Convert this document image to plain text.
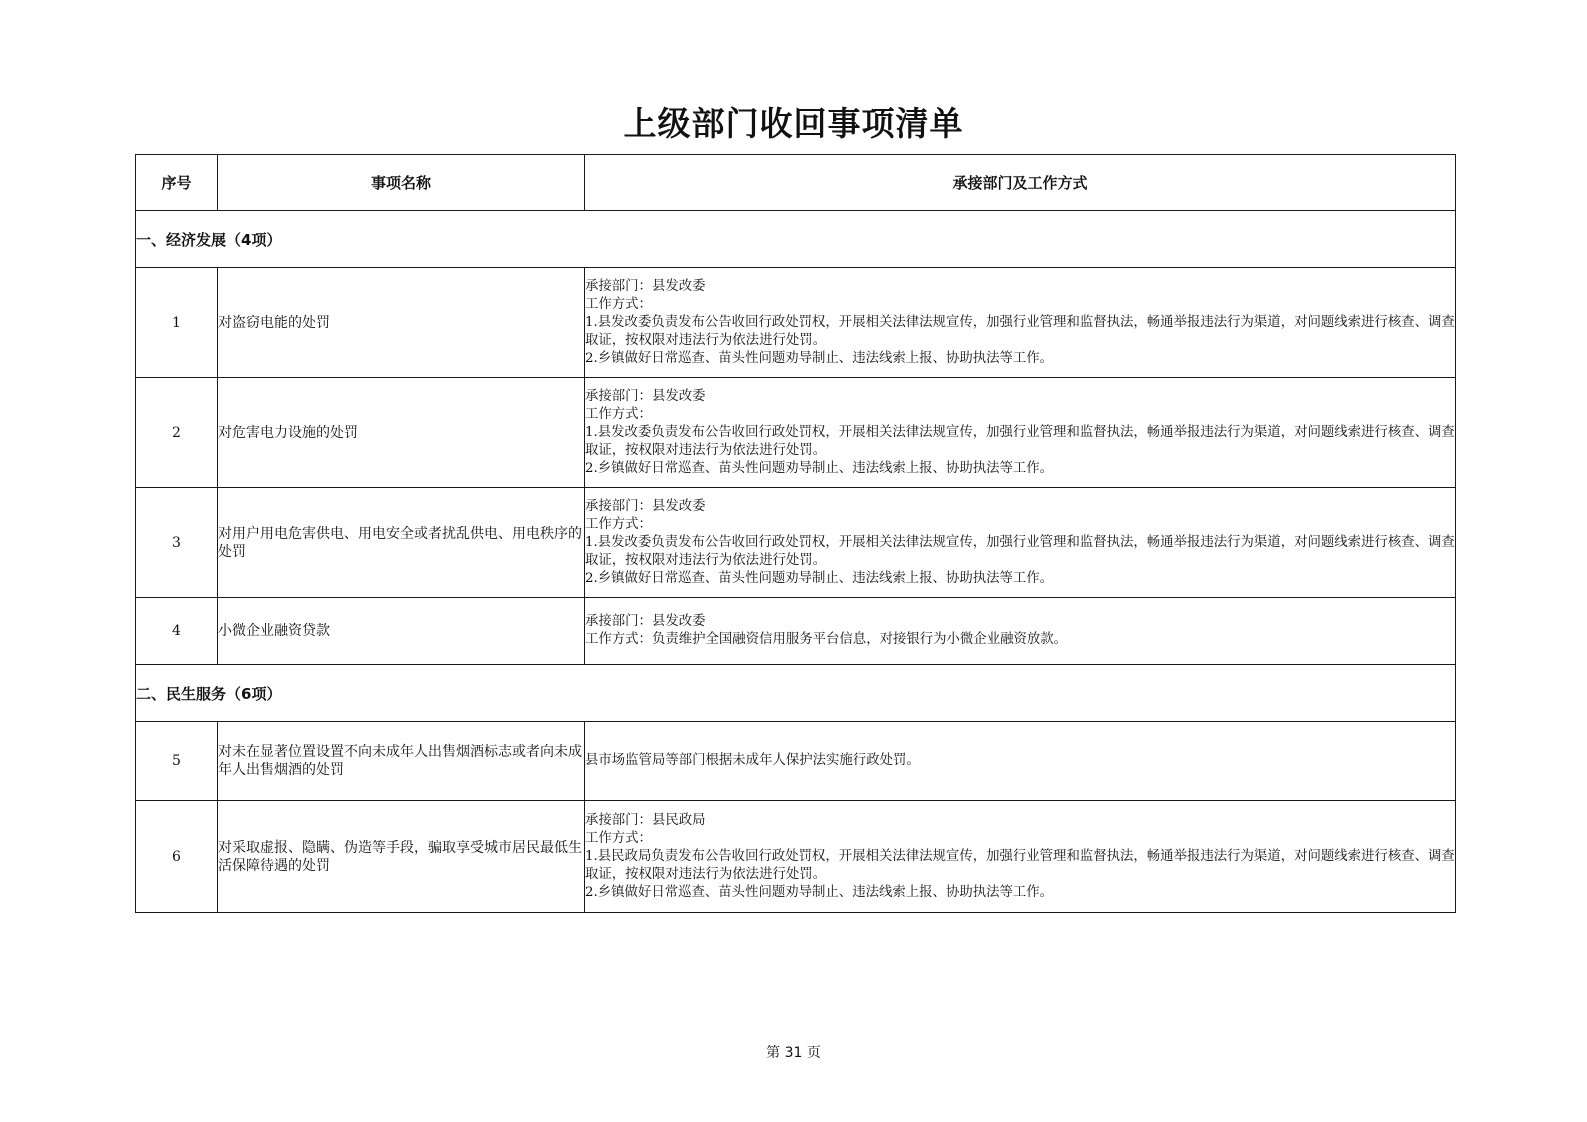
上级部门收回事项清单
序号	事项名称	承接部门及工作方式
一、经济发展（4项）		
1	对盗窃电能的处罚	承接部门：县发改委
工作方式：
1.县发改委负责发布公告收回行政处罚权，开展相关法律法规宣传，加强行业管理和监督执法，畅通举报违法行为渠道，对问题线索进行核查、调查取证，按权限对违法行为依法进行处罚。
2.乡镇做好日常巡查、苗头性问题劝导制止、违法线索上报、协助执法等工作。

2	对危害电力设施的处罚	承接部门：县发改委
工作方式：
1.县发改委负责发布公告收回行政处罚权，开展相关法律法规宣传，加强行业管理和监督执法，畅通举报违法行为渠道，对问题线索进行核查、调查取证，按权限对违法行为依法进行处罚。
2.乡镇做好日常巡查、苗头性问题劝导制止、违法线索上报、协助执法等工作。

3	对用户用电危害供电、用电安全或者扰乱供电、用电秩序的处罚	承接部门：县发改委
工作方式：
1.县发改委负责发布公告收回行政处罚权，开展相关法律法规宣传，加强行业管理和监督执法，畅通举报违法行为渠道，对问题线索进行核查、调查取证，按权限对违法行为依法进行处罚。
2.乡镇做好日常巡查、苗头性问题劝导制止、违法线索上报、协助执法等工作。

4	小微企业融资贷款	承接部门：县发改委
工作方式：负责维护全国融资信用服务平台信息，对接银行为小微企业融资放款。

二、民生服务（6项）		
5	对未在显著位置设置不向未成年人出售烟酒标志或者向未成年人出售烟酒的处罚	县市场监管局等部门根据未成年人保护法实施行政处罚。

6	对采取虚报、隐瞒、伪造等手段，骗取享受城市居民最低生活保障待遇的处罚	承接部门：县民政局
工作方式：
1.县民政局负责发布公告收回行政处罚权，开展相关法律法规宣传，加强行业管理和监督执法，畅通举报违法行为渠道，对问题线索进行核查、调查取证，按权限对违法行为依法进行处罚。
2.乡镇做好日常巡查、苗头性问题劝导制止、违法线索上报、协助执法等工作。
第 31 页
